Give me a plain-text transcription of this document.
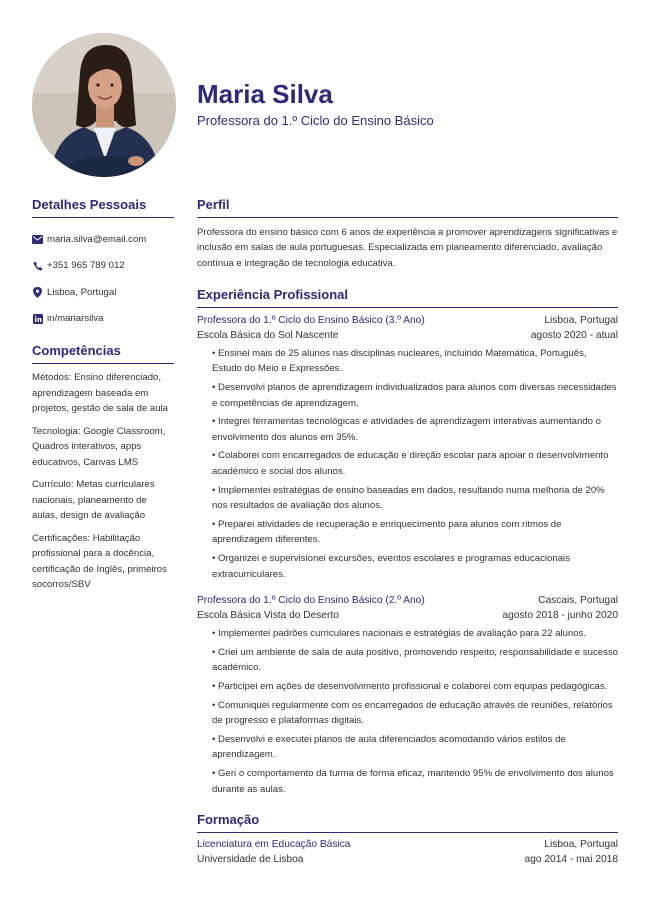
Maria Silva
Professora do 1.º Ciclo do Ensino Básico
Detalhes Pessoais
maria.silva@email.com
+351 965 789 012
Lisboa, Portugal
in/mariarsilva
Competências
Métodos: Ensino diferenciado, aprendizagem baseada em projetos, gestão de sala de aula
Tecnologia: Google Classroom, Quadros interativos, apps educativos, Canvas LMS
Currículo: Metas curriculares nacionais, planeamento de aulas, design de avaliação
Certificações: Habilitação profissional para a docência, certificação de Inglês, primeiros socorros/SBV
Perfil

Professora do ensino básico com 6 anos de experiência a promover aprendizagens significativas e inclusão em salas de aula portuguesas. Especializada em planeamento diferenciado, avaliação contínua e integração de tecnologia educativa.

Experiência Profissional
Professora do 1.º Ciclo do Ensino Básico (3.º Ano)	Lisboa, Portugal
Escola Básica do Sol Nascente	agosto 2020 - atual
• Ensinei mais de 25 alunos nas disciplinas nucleares, incluindo Matemática, Português, Estudo do Meio e Expressões.
• Desenvolvi planos de aprendizagem individualizados para alunos com diversas necessidades e competências de aprendizagem.
• Integrei ferramentas tecnológicas e atividades de aprendizagem interativas aumentando o envolvimento dos alunos em 35%.
• Colaborei com encarregados de educação e direção escolar para apoiar o desenvolvimento académico e social dos alunos.
• Implementei estratégias de ensino baseadas em dados, resultando numa melhoria de 20% nos resultados de avaliação dos alunos.
• Preparei atividades de recuperação e enriquecimento para alunos com ritmos de aprendizagem diferentes.
• Organizei e supervisionei excursões, eventos escolares e programas educacionais extracurriculares.
Professora do 1.º Ciclo do Ensino Básico (2.º Ano)	Cascais, Portugal
Escola Básica Vista do Deserto	agosto 2018 - junho 2020
• Implementei padrões curriculares nacionais e estratégias de avaliação para 22 alunos.
• Criei um ambiente de sala de aula positivo, promovendo respeito, responsabilidade e sucesso académico.
• Participei em ações de desenvolvimento profissional e colaborei com equipas pedagógicas.
• Comuniquei regularmente com os encarregados de educação através de reuniões, relatórios de progresso e plataformas digitais.
• Desenvolvi e executei planos de aula diferenciados acomodando vários estilos de aprendizagem.
• Geri o comportamento da turma de forma eficaz, mantendo 95% de envolvimento dos alunos durante as aulas.
Formação
Licenciatura em Educação Básica	Lisboa, Portugal
Universidade de Lisboa	ago 2014 - mai 2018
